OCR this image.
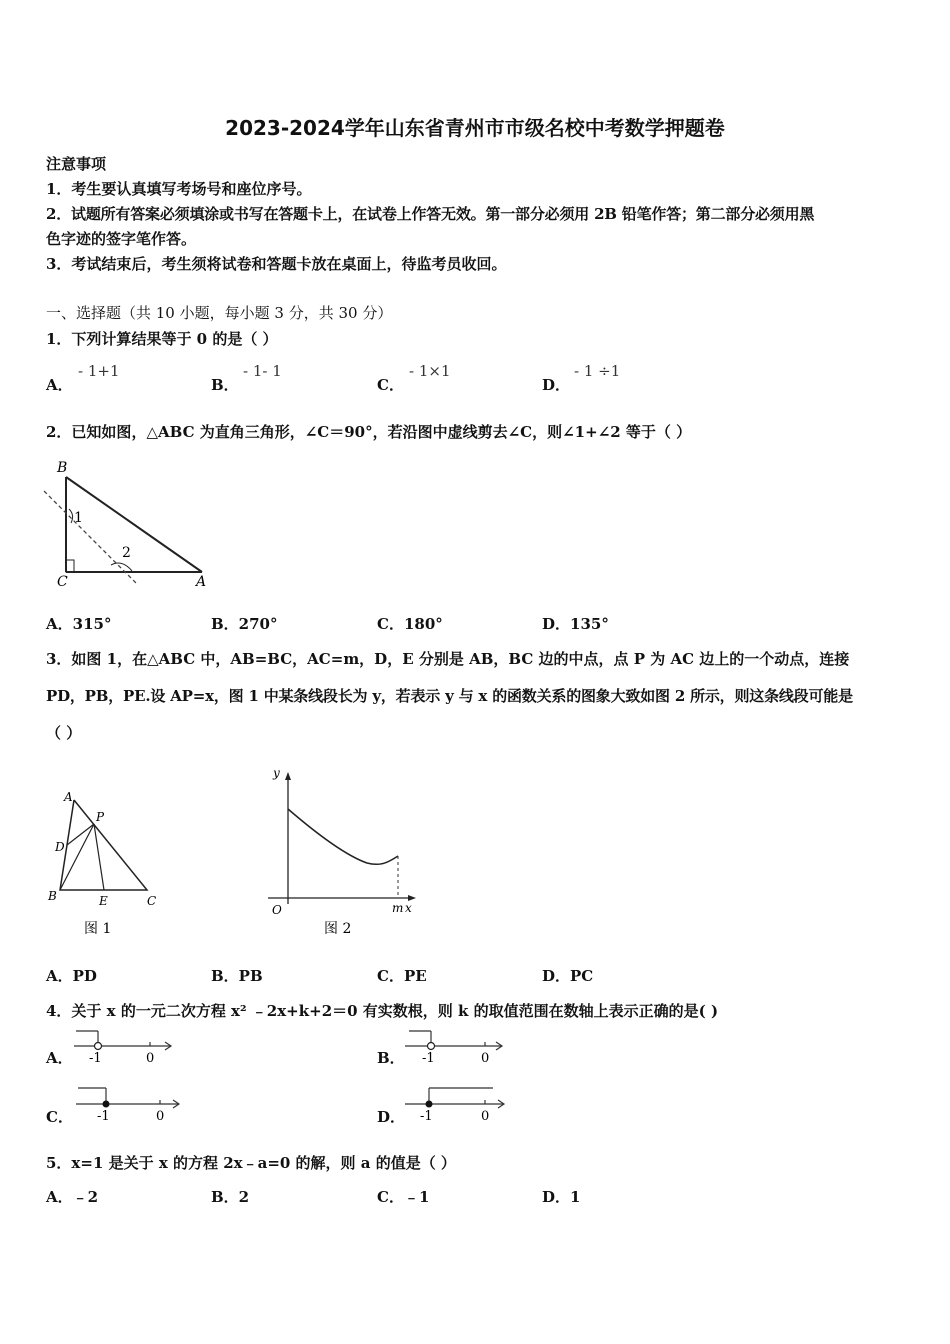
2023-2024学年山东省青州市市级名校中考数学押题卷
注意事项
1．考生要认真填写考场号和座位序号。
2．试题所有答案必须填涂或书写在答题卡上，在试卷上作答无效。第一部分必须用 2B 铅笔作答；第二部分必须用黑
色字迹的签字笔作答。
3．考试结束后，考生须将试卷和答题卡放在桌面上，待监考员收回。
一、选择题（共 10 小题，每小题 3 分，共 30 分）
1．下列计算结果等于 0 的是（ ）
A．
- 1+1
B．
- 1- 1
C．
- 1×1
D．
- 1 ÷1
2．已知如图，△ABC 为直角三角形，∠C＝90°，若沿图中虚线剪去∠C，则∠1+∠2 等于（ ）
B
C	A
1
2
A．315°	B．270°	C．180°	D．135°
3．如图 1，在△ABC 中，AB=BC，AC=m，D，E 分别是 AB，BC 边的中点，点 P 为 AC 边上的一个动点，连接
PD，PB，PE.设 AP=x，图 1 中某条线段长为 y，若表示 y 与 x 的函数关系的图象大致如图 2 所示，则这条线段可能是
（ ）
A
P
D
B	E	C
图 1
y
O	m x
图 2
A．PD	B．PB	C．PE	D．PC
4．关于 x 的一元二次方程 x² ﹣2x+k+2＝0 有实数根，则 k 的取值范围在数轴上表示正确的是( )
A． -1	0	B． -1	0
C． -1	0	D． -1	0
5．x=1 是关于 x 的方程 2x﹣a=0 的解，则 a 的值是（ ）
A．﹣2	B．2	C．﹣1	D．1
